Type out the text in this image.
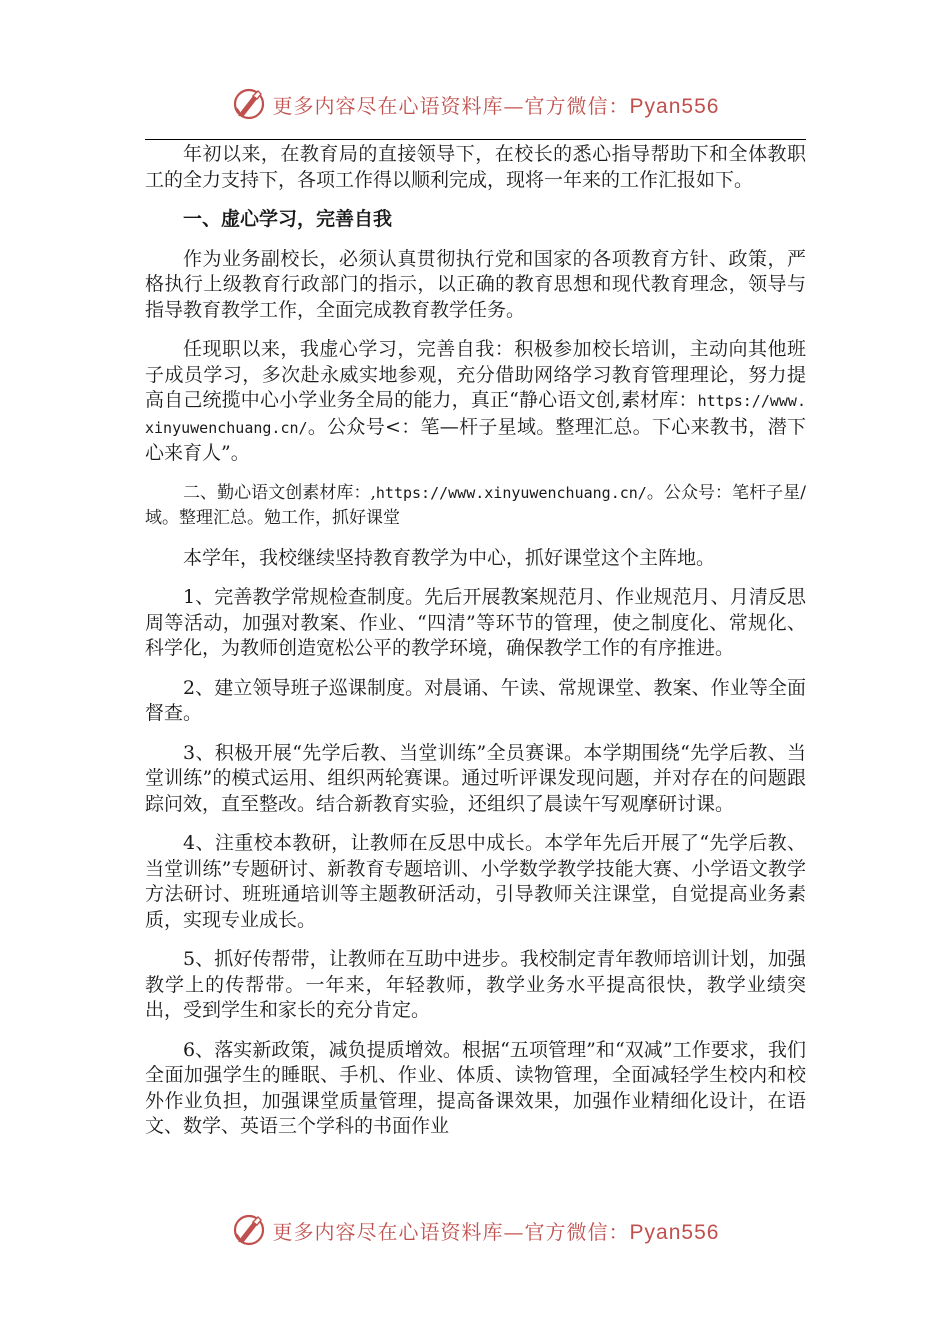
更多内容尽在心语资料库—官方微信：Pyan556

年初以来，在教育局的直接领导下，在校长的悉心指导帮助下和全体教职工的全力支持下，各项工作得以顺利完成，现将一年来的工作汇报如下。

一、虚心学习，完善自我

作为业务副校长，必须认真贯彻执行党和国家的各项教育方针、政策，严格执行上级教育行政部门的指示，以正确的教育思想和现代教育理念，领导与指导教育教学工作，全面完成教育教学任务。

任现职以来，我虚心学习，完善自我：积极参加校长培训，主动向其他班子成员学习，多次赴永威实地参观，充分借助网络学习教育管理理论，努力提高自己统揽中心小学业务全局的能力，真正“静心语文创,素材库：https://www.xinyuwenchuang.cn/。公众号<：笔—杆子星域。整理汇总。下心来教书，潜下心来育人”。

二、勤心语文创素材库：,https://www.xinyuwenchuang.cn/。公众号：笔杆子星/域。整理汇总。勉工作，抓好课堂

本学年，我校继续坚持教育教学为中心，抓好课堂这个主阵地。

1、完善教学常规检查制度。先后开展教案规范月、作业规范月、月清反思周等活动，加强对教案、作业、“四清”等环节的管理，使之制度化、常规化、科学化，为教师创造宽松公平的教学环境，确保教学工作的有序推进。

2、建立领导班子巡课制度。对晨诵、午读、常规课堂、教案、作业等全面督查。

3、积极开展“先学后教、当堂训练”全员赛课。本学期围绕“先学后教、当堂训练”的模式运用、组织两轮赛课。通过听评课发现问题，并对存在的问题跟踪问效，直至整改。结合新教育实验，还组织了晨读午写观摩研讨课。

4、注重校本教研，让教师在反思中成长。本学年先后开展了“先学后教、当堂训练”专题研讨、新教育专题培训、小学数学教学技能大赛、小学语文教学方法研讨、班班通培训等主题教研活动，引导教师关注课堂，自觉提高业务素质，实现专业成长。

5、抓好传帮带，让教师在互助中进步。我校制定青年教师培训计划，加强教学上的传帮带。一年来，年轻教师，教学业务水平提高很快，教学业绩突出，受到学生和家长的充分肯定。

6、落实新政策，减负提质增效。根据“五项管理”和“双减”工作要求，我们全面加强学生的睡眠、手机、作业、体质、读物管理，全面减轻学生校内和校外作业负担，加强课堂质量管理，提高备课效果，加强作业精细化设计，在语文、数学、英语三个学科的书面作业

更多内容尽在心语资料库—官方微信：Pyan556
